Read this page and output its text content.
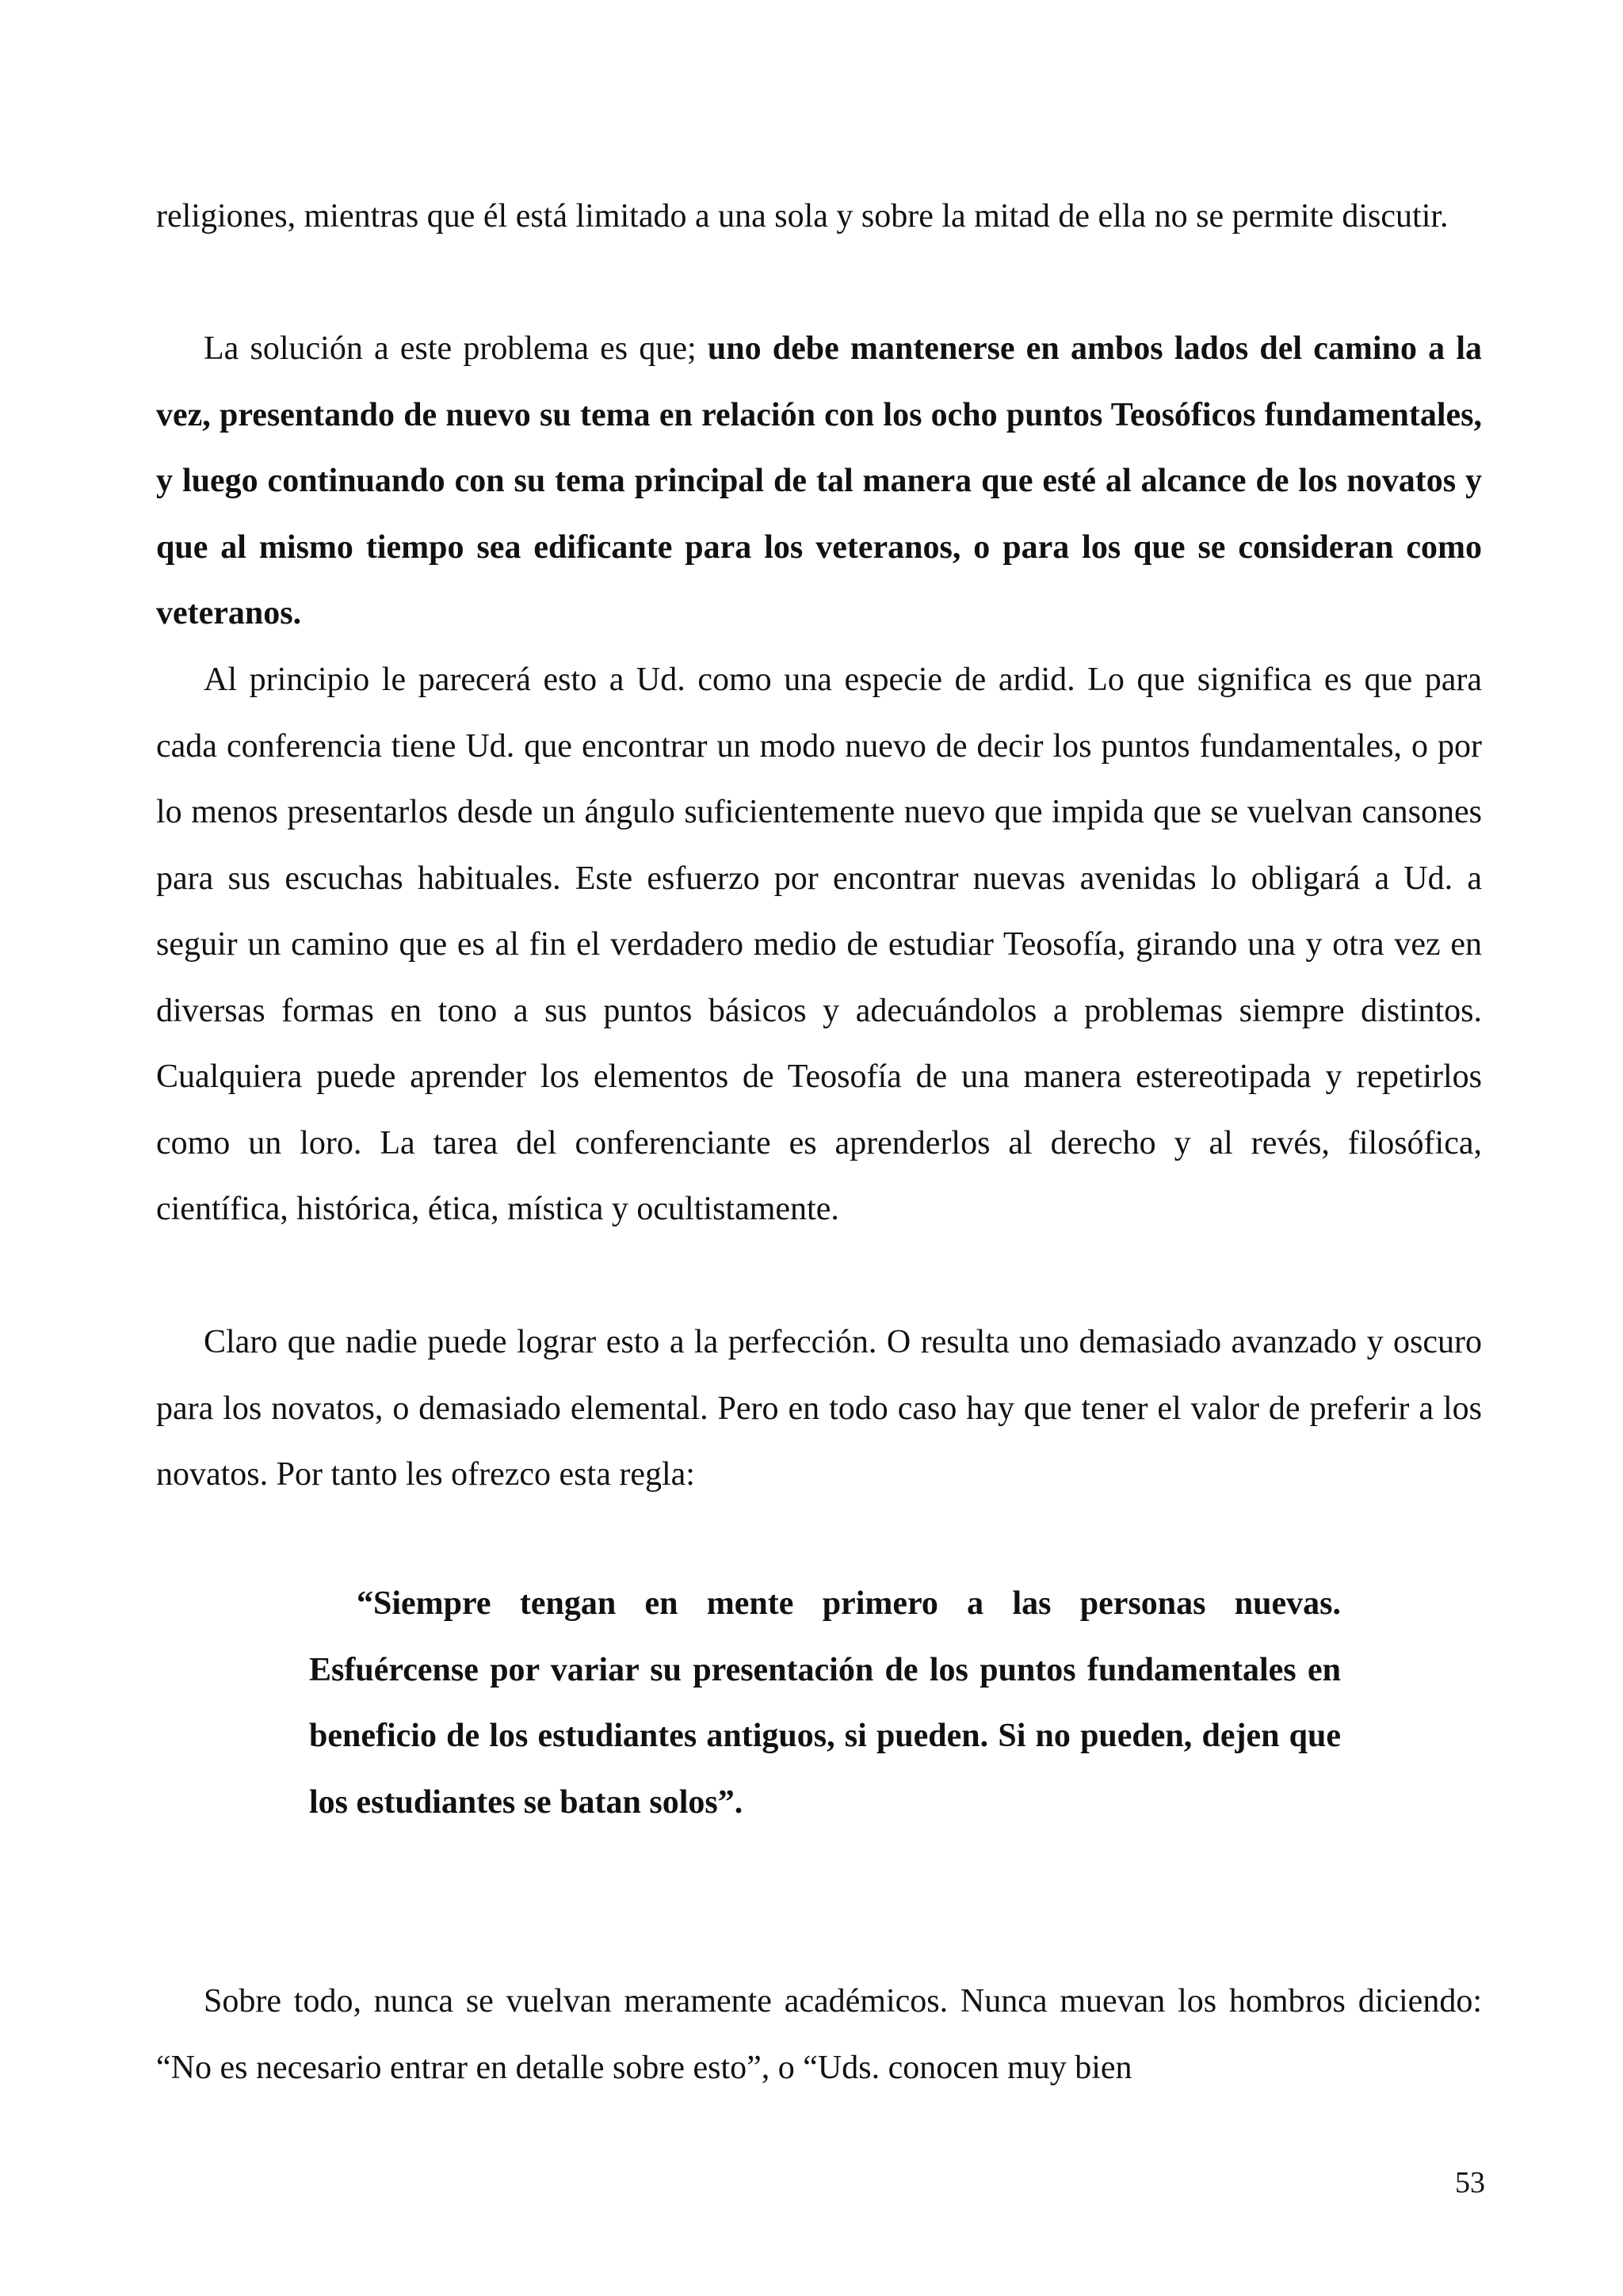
religiones, mientras que él está limitado a una sola y sobre la mitad de ella no se permite discutir.

La solución a este problema es que; uno debe mantenerse en ambos lados del camino a la vez, presentando de nuevo su tema en relación con los ocho puntos Teosóficos fundamentales, y luego continuando con su tema principal de tal manera que esté al alcance de los novatos y que al mismo tiempo sea edificante para los veteranos, o para los que se consideran como veteranos.

Al principio le parecerá esto a Ud. como una especie de ardid. Lo que significa es que para cada conferencia tiene Ud. que encontrar un modo nuevo de decir los puntos fundamentales, o por lo menos presentarlos desde un ángulo suficientemente nuevo que impida que se vuelvan cansones para sus escuchas habituales. Este esfuerzo por encontrar nuevas avenidas lo obligará a Ud. a seguir un camino que es al fin el verdadero medio de estudiar Teosofía, girando una y otra vez en diversas formas en tono a sus puntos básicos y adecuándolos a problemas siempre distintos. Cualquiera puede aprender los elementos de Teosofía de una manera estereotipada y repetirlos como un loro. La tarea del conferenciante es aprenderlos al derecho y al revés, filosófica, científica, histórica, ética, mística y ocultistamente.

Claro que nadie puede lograr esto a la perfección. O resulta uno demasiado avanzado y oscuro para los novatos, o demasiado elemental. Pero en todo caso hay que tener el valor de preferir a los novatos. Por tanto les ofrezco esta regla:

“Siempre tengan en mente primero a las personas nuevas. Esfuércense por variar su presentación de los puntos fundamentales en beneficio de los estudiantes antiguos, si pueden. Si no pueden, dejen que los estudiantes se batan solos”.

Sobre todo, nunca se vuelvan meramente académicos. Nunca muevan los hombros diciendo: “No es necesario entrar en detalle sobre esto”, o “Uds. conocen muy bien

53
